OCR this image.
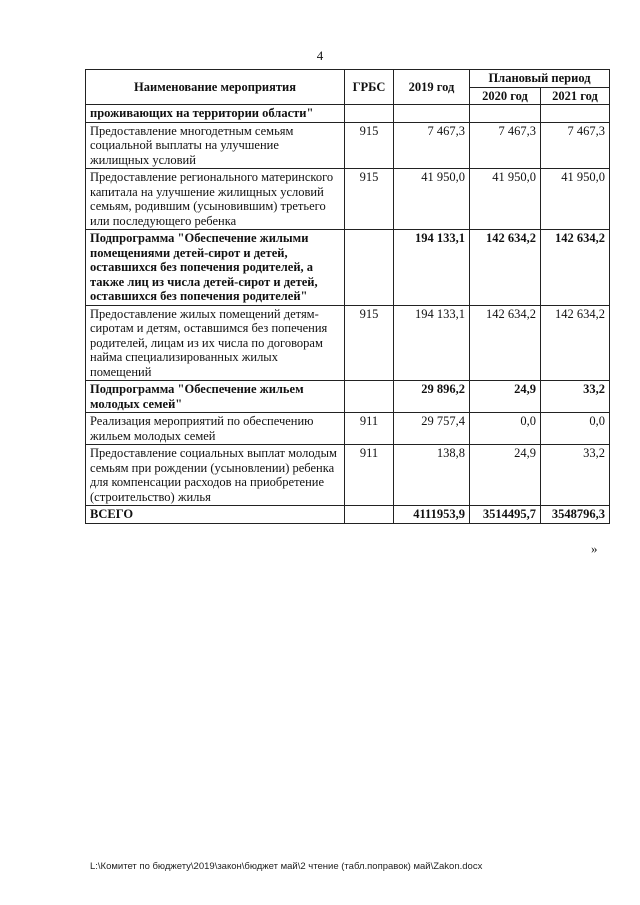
4
Наименование мероприятия	ГРБС	2019 год	Плановый период	
			2020 год	2021 год
проживающих на территории области"				
Предоставление многодетным семьям социальной выплаты на улучшение жилищных условий	915	7 467,3	7 467,3	7 467,3
Предоставление регионального материнского капитала на улучшение жилищных условий семьям, родившим (усыновившим) третьего или последующего ребенка	915	41 950,0	41 950,0	41 950,0
Подпрограмма "Обеспечение жилыми помещениями детей-сирот и детей, оставшихся без попечения родителей, а также лиц из числа детей-сирот и детей, оставшихся без попечения родителей"		194 133,1	142 634,2	142 634,2
Предоставление жилых помещений детям-сиротам и детям, оставшимся без попечения родителей, лицам из их числа по договорам найма специализированных жилых помещений	915	194 133,1	142 634,2	142 634,2
Подпрограмма "Обеспечение жильем молодых семей"		29 896,2	24,9	33,2
Реализация мероприятий по обеспечению жильем молодых семей	911	29 757,4	0,0	0,0
Предоставление социальных выплат молодым семьям при рождении (усыновлении) ребенка для компенсации расходов на приобретение (строительство) жилья	911	138,8	24,9	33,2
ВСЕГО		4111953,9	3514495,7	3548796,3
»
L:\Комитет по бюджету\2019\закон\бюджет май\2 чтение (табл.поправок) май\Zakon.docx
